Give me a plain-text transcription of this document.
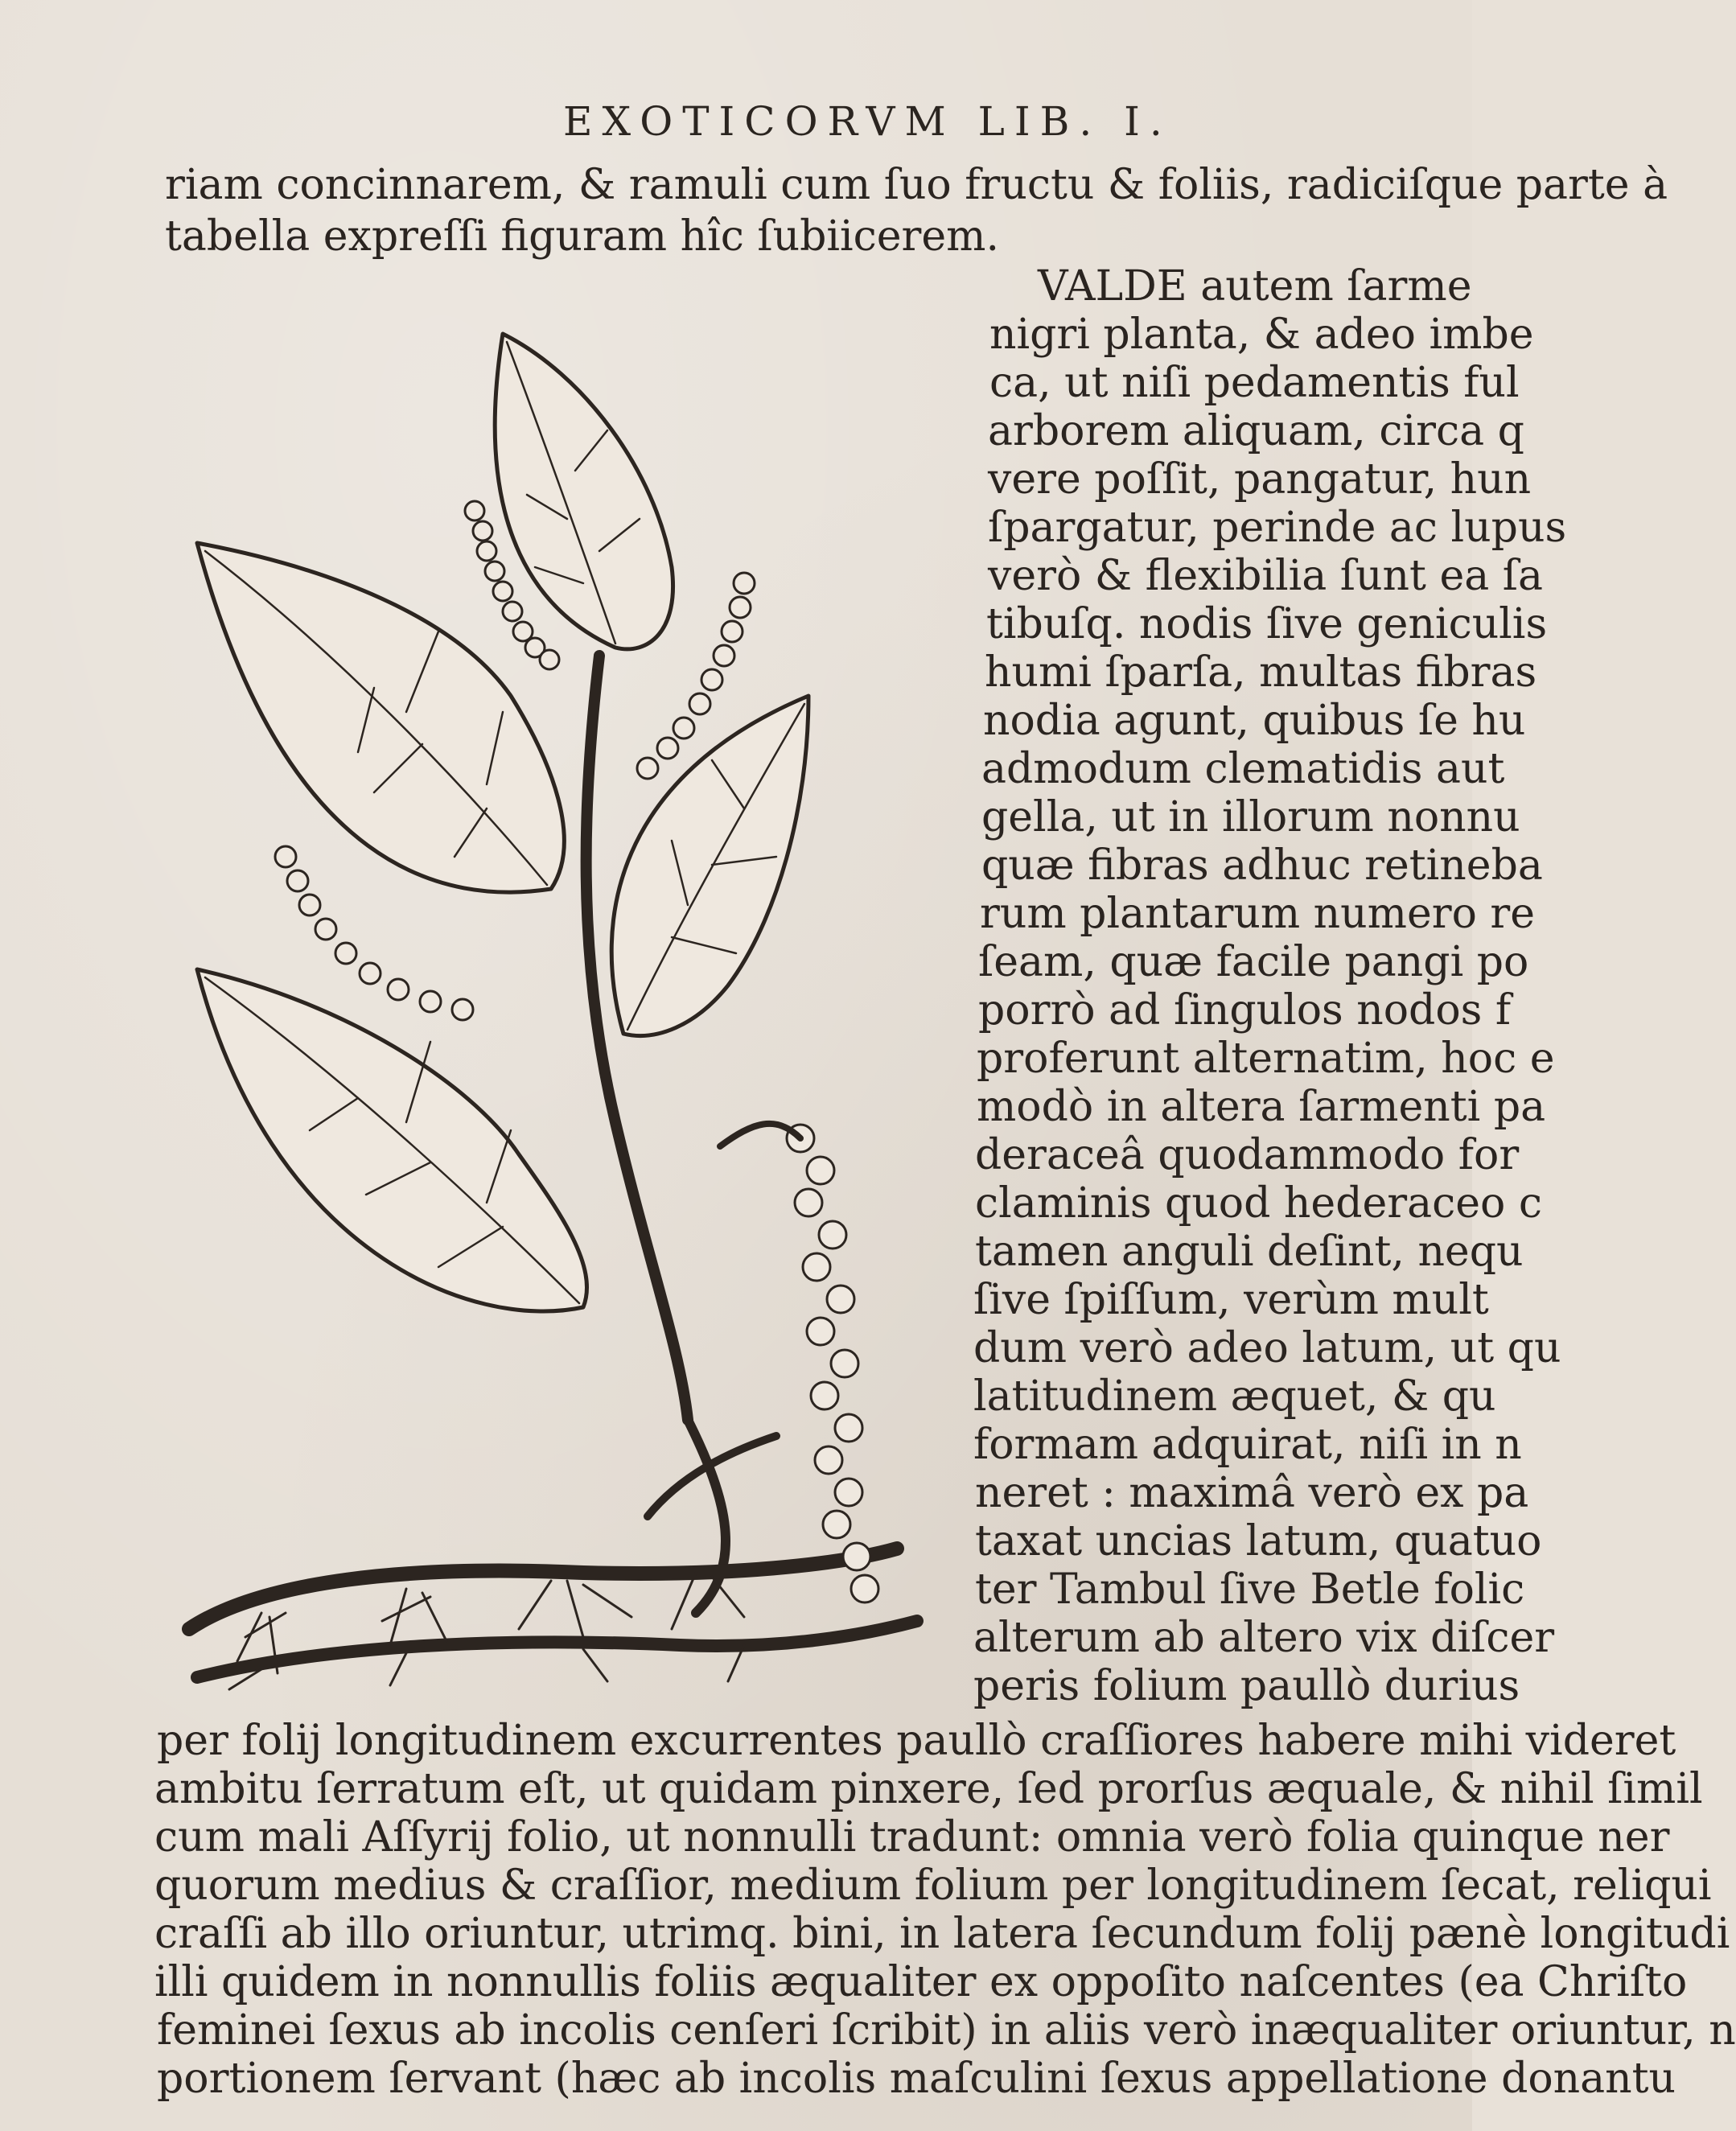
EXOTICORVM LIB. I.
riam concinnarem, & ramuli cum ſuo fructu & foliis, radiciſque parte à
tabella expreſſi figuram hîc ſubiicerem.
VALDE autem ſarme
nigri planta, & adeo imbe
ca, ut niſi pedamentis ful
arborem aliquam, circa q
vere poſſit, pangatur, hun
ſpargatur, perinde ac lupus
verò & flexibilia ſunt ea ſa
tibuſq. nodis ſive geniculis
humi ſparſa, multas fibras
nodia agunt, quibus ſe hu
admodum clematidis aut
gella, ut in illorum nonnu
quæ fibras adhuc retineba
rum plantarum numero re
ſeam, quæ facile pangi po
porrò ad ſingulos nodos f
proferunt alternatim, hoc e
modò in altera ſarmenti pa
deraceâ quodammodo for
claminis quod hederaceo c
tamen anguli deſint, nequ
ſive ſpiſſum, verùm mult
dum verò adeo latum, ut qu
latitudinem æquet, & qu
formam adquirat, niſi in n
neret : maximâ verò ex pa
taxat uncias latum, quatuo
ter Tambul ſive Betle folic
alterum ab altero vix diſcer
peris folium paullò durius
per folij longitudinem excurrentes paullò craſſiores habere mihi videret
ambitu ſerratum eſt, ut quidam pinxere, ſed prorſus æquale, & nihil ſimil
cum mali Aſſyrij folio, ut nonnulli tradunt: omnia verò folia quinque ner
quorum medius & craſſior, medium folium per longitudinem ſecat, reliqui
craſſi ab illo oriuntur, utrimq. bini, in latera ſecundum folij pænè longitudi
illi quidem in nonnullis foliis æqualiter ex oppoſito naſcentes (ea Chriſto
feminei ſexus ab incolis cenſeri ſcribit) in aliis verò inæqualiter oriuntur, n
portionem ſervant (hæc ab incolis maſculini ſexus appellatione donantu
